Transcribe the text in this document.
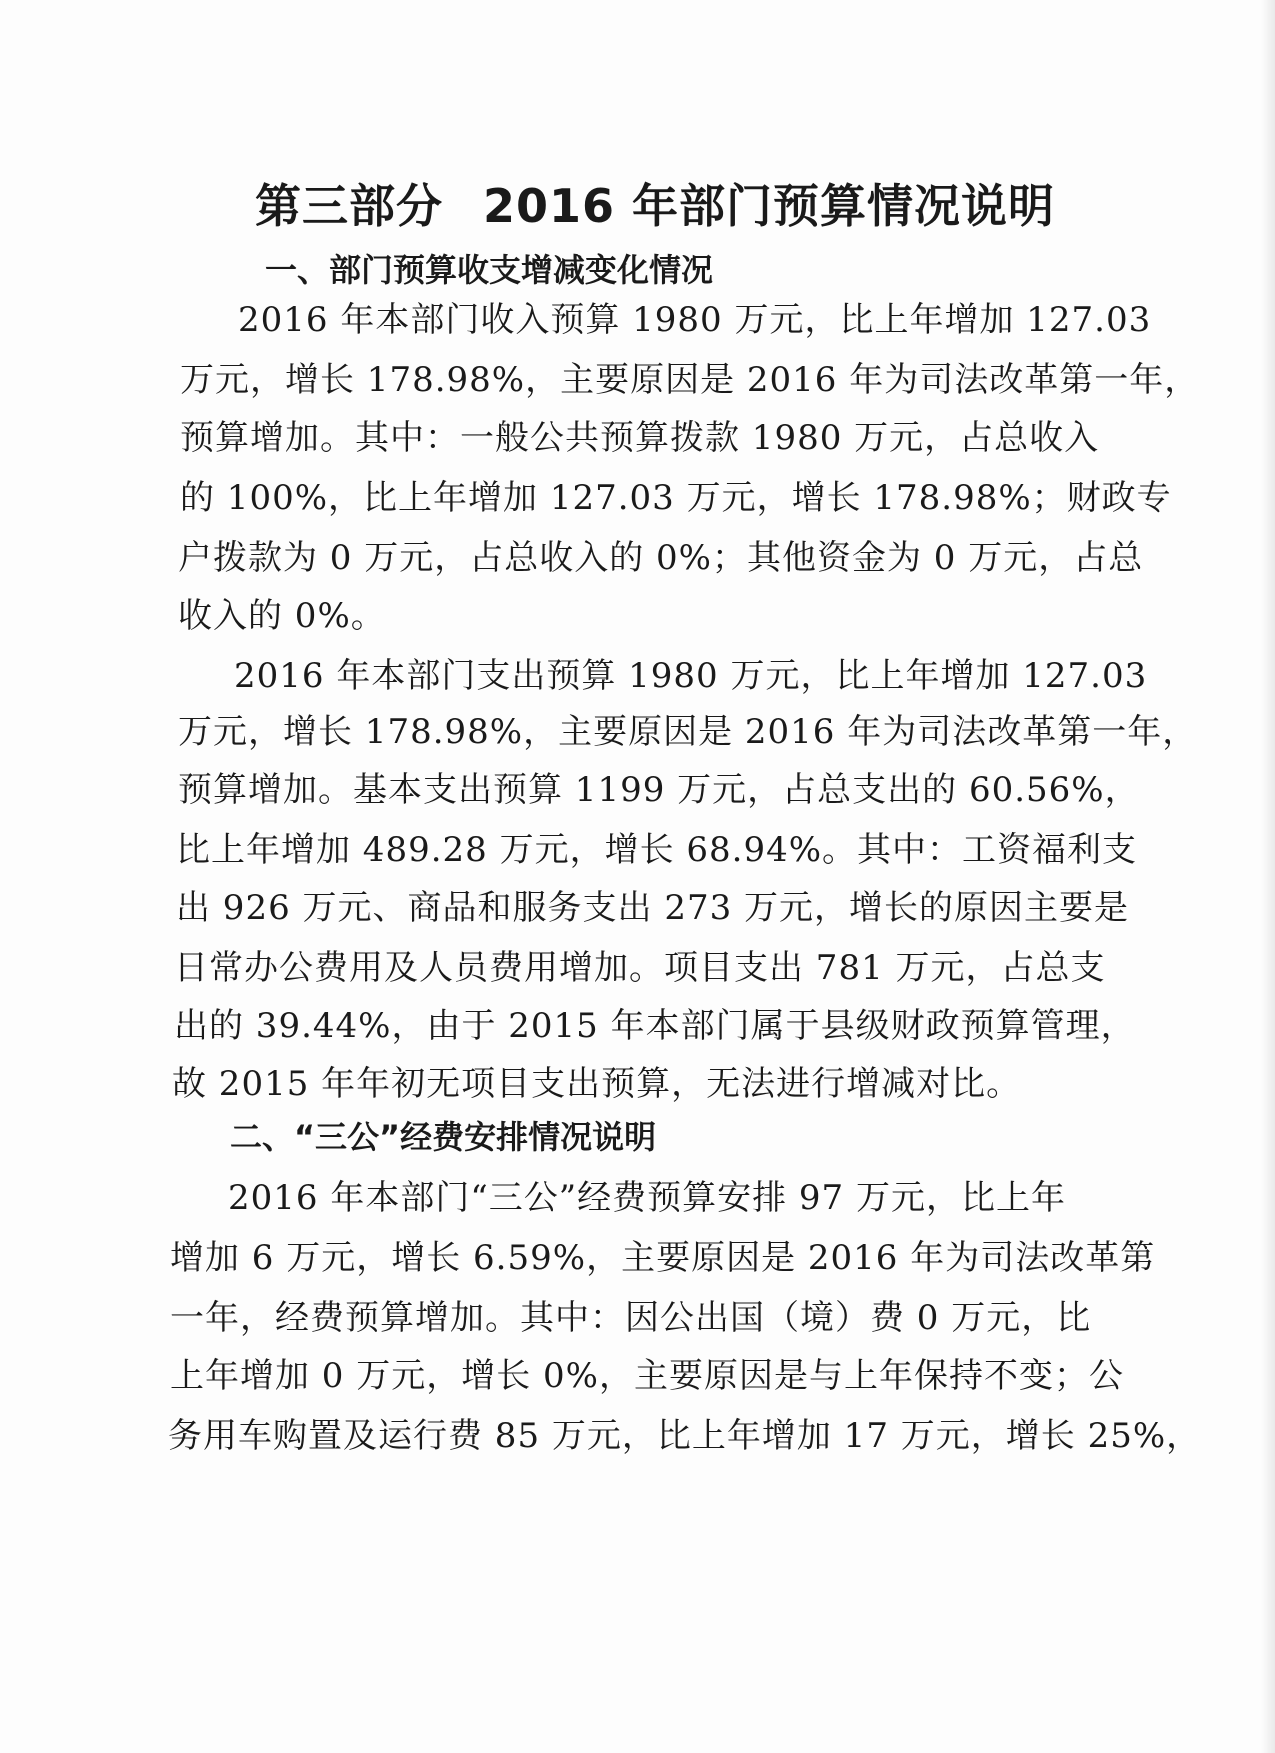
第三部分 2016 年部门预算情况说明
一、部门预算收支增减变化情况

2016 年本部门收入预算 1980 万元，比上年增加 127.03

万元，增长 178.98%，主要原因是 2016 年为司法改革第一年，

预算增加。其中：一般公共预算拨款 1980 万元，占总收入

的 100%，比上年增加 127.03 万元，增长 178.98%；财政专

户拨款为 0 万元，占总收入的 0%；其他资金为 0 万元，占总

收入的 0%。

2016 年本部门支出预算 1980 万元，比上年增加 127.03

万元，增长 178.98%，主要原因是 2016 年为司法改革第一年，

预算增加。基本支出预算 1199 万元，占总支出的 60.56%，

比上年增加 489.28 万元，增长 68.94%。其中：工资福利支

出 926 万元、商品和服务支出 273 万元，增长的原因主要是

日常办公费用及人员费用增加。项目支出 781 万元，占总支

出的 39.44%，由于 2015 年本部门属于县级财政预算管理，

故 2015 年年初无项目支出预算，无法进行增减对比。

二、“三公”经费安排情况说明

2016 年本部门“三公”经费预算安排 97 万元，比上年

增加 6 万元，增长 6.59%，主要原因是 2016 年为司法改革第

一年，经费预算增加。其中：因公出国（境）费 0 万元，比

上年增加 0 万元，增长 0%，主要原因是与上年保持不变；公

务用车购置及运行费 85 万元，比上年增加 17 万元，增长 25%，
